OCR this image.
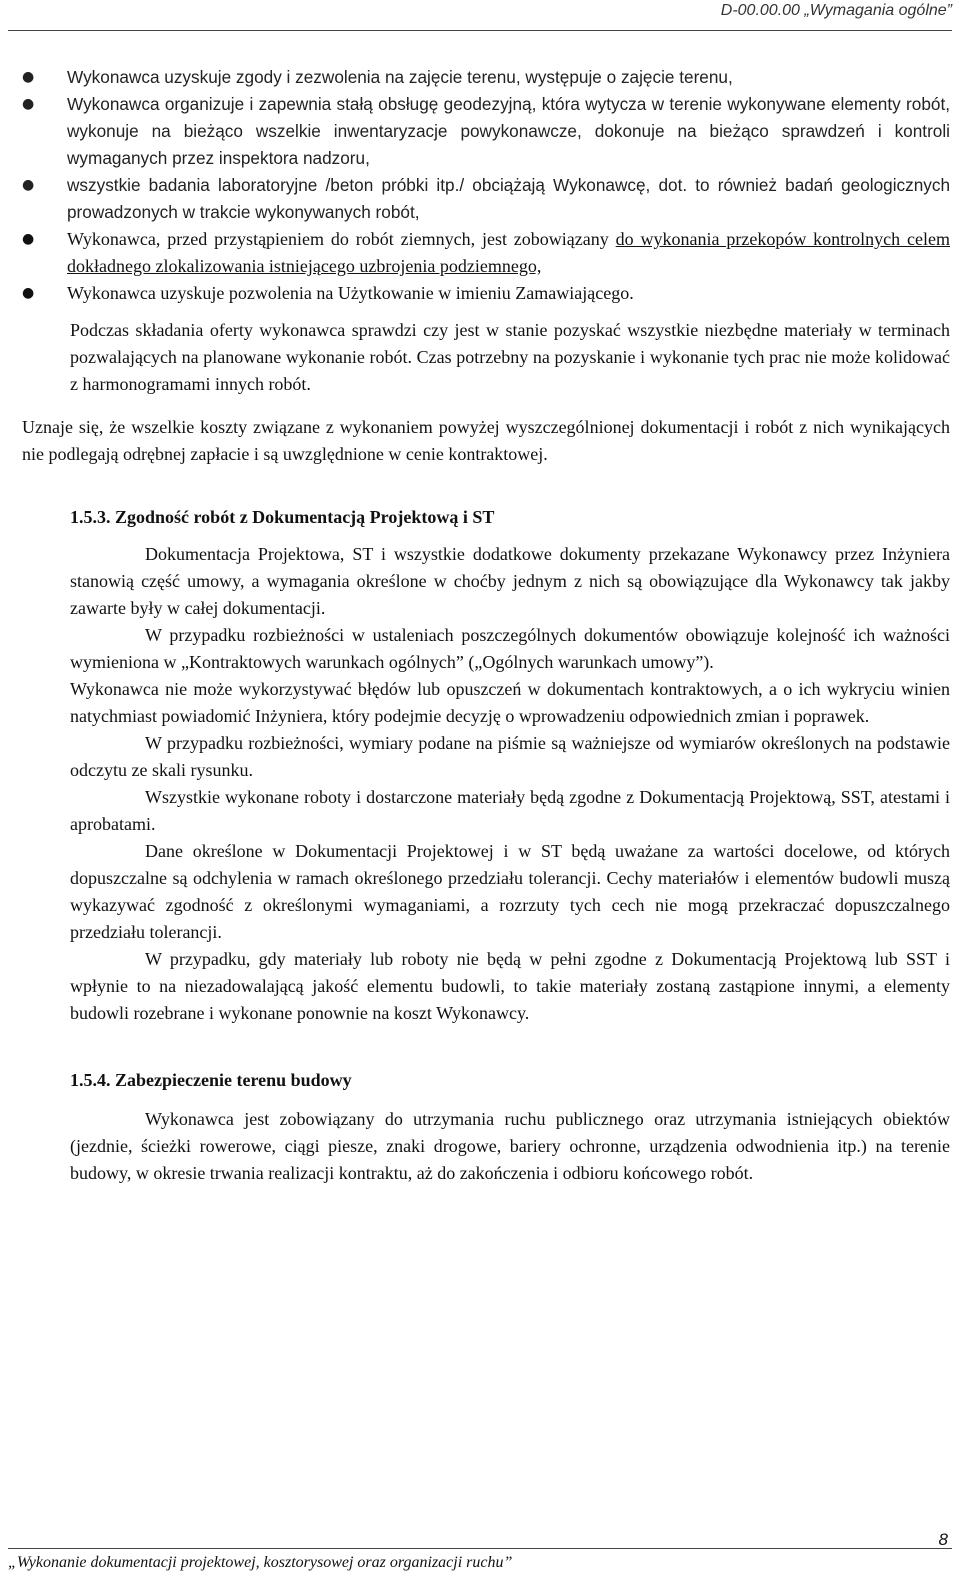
D-00.00.00 „Wymagania ogólne”
● Wykonawca uzyskuje zgody i zezwolenia na zajęcie terenu, występuje o zajęcie terenu,
● Wykonawca organizuje i zapewnia stałą obsługę geodezyjną, która wytycza w terenie wykonywane elementy robót, wykonuje na bieżąco wszelkie inwentaryzacje powykonawcze, dokonuje na bieżąco sprawdzeń i kontroli wymaganych przez inspektora nadzoru,
● wszystkie badania laboratoryjne /beton próbki itp./ obciążają Wykonawcę, dot. to również badań geologicznych prowadzonych w trakcie wykonywanych robót,
● Wykonawca, przed przystąpieniem do robót ziemnych, jest zobowiązany do wykonania przekopów kontrolnych celem dokładnego zlokalizowania istniejącego uzbrojenia podziemnego,
● Wykonawca uzyskuje pozwolenia na Użytkowanie w imieniu Zamawiającego.

Podczas składania oferty wykonawca sprawdzi czy jest w stanie pozyskać wszystkie niezbędne materiały w terminach pozwalających na planowane wykonanie robót. Czas potrzebny na pozyskanie i wykonanie tych prac nie może kolidować z harmonogramami innych robót.

Uznaje się, że wszelkie koszty związane z wykonaniem powyżej wyszczególnionej dokumentacji i robót z nich wynikających nie podlegają odrębnej zapłacie i są uwzględnione w cenie kontraktowej.

1.5.3. Zgodność robót z Dokumentacją Projektową i ST

Dokumentacja Projektowa, ST i wszystkie dodatkowe dokumenty przekazane Wykonawcy przez Inżyniera stanowią część umowy, a wymagania określone w choćby jednym z nich są obowiązujące dla Wykonawcy tak jakby zawarte były w całej dokumentacji.

W przypadku rozbieżności w ustaleniach poszczególnych dokumentów obowiązuje kolejność ich ważności wymieniona w „Kontraktowych warunkach ogólnych” („Ogólnych warunkach umowy”).

Wykonawca nie może wykorzystywać błędów lub opuszczeń w dokumentach kontraktowych, a o ich wykryciu winien natychmiast powiadomić Inżyniera, który podejmie decyzję o wprowadzeniu odpowiednich zmian i poprawek.

W przypadku rozbieżności, wymiary podane na piśmie są ważniejsze od wymiarów określonych na podstawie odczytu ze skali rysunku.

Wszystkie wykonane roboty i dostarczone materiały będą zgodne z Dokumentacją Projektową, SST, atestami i aprobatami.

Dane określone w Dokumentacji Projektowej i w ST będą uważane za wartości docelowe, od których dopuszczalne są odchylenia w ramach określonego przedziału tolerancji. Cechy materiałów i elementów budowli muszą wykazywać zgodność z określonymi wymaganiami, a rozrzuty tych cech nie mogą przekraczać dopuszczalnego przedziału tolerancji.

W przypadku, gdy materiały lub roboty nie będą w pełni zgodne z Dokumentacją Projektową lub SST i wpłynie to na niezadowalającą jakość elementu budowli, to takie materiały zostaną zastąpione innymi, a elementy budowli rozebrane i wykonane ponownie na koszt Wykonawcy.

1.5.4. Zabezpieczenie terenu budowy

Wykonawca jest zobowiązany do utrzymania ruchu publicznego oraz utrzymania istniejących obiektów (jezdnie, ścieżki rowerowe, ciągi piesze, znaki drogowe, bariery ochronne, urządzenia odwodnienia itp.) na terenie budowy, w okresie trwania realizacji kontraktu, aż do zakończenia i odbioru końcowego robót.

8
„Wykonanie dokumentacji projektowej, kosztorysowej oraz organizacji ruchu”
